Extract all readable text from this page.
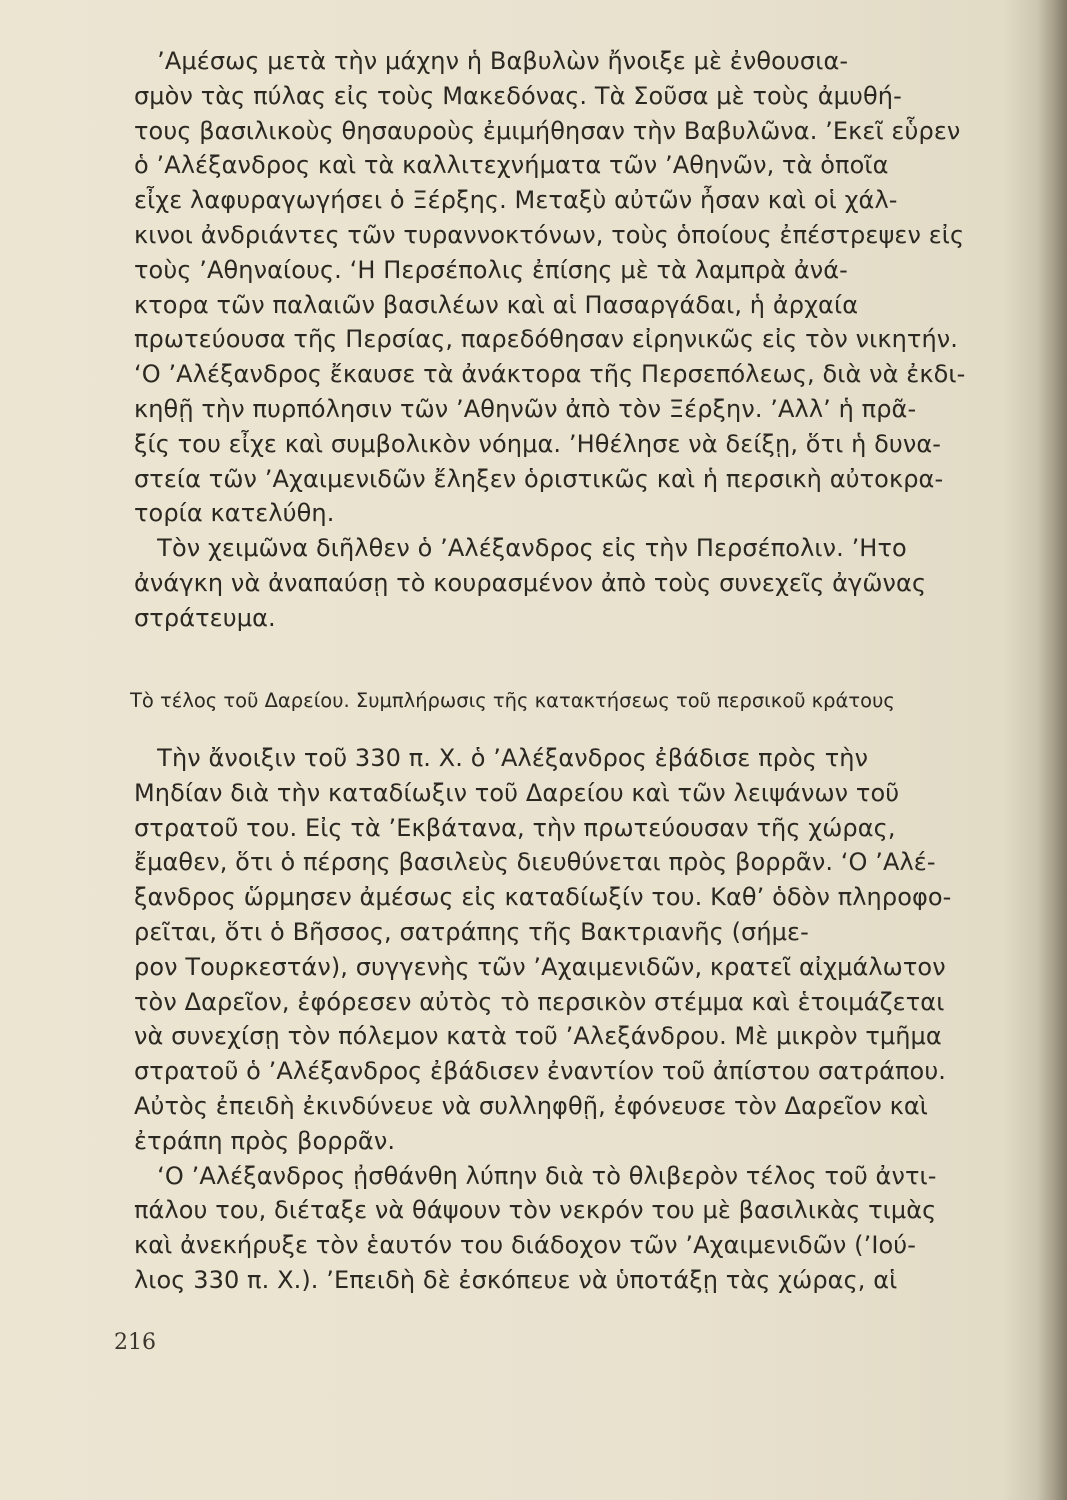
’Αμέσως μετὰ τὴν μάχην ἡ Βαβυλὼν ἤνοιξε μὲ ἐνθουσια-
σμὸν τὰς πύλας εἰς τοὺς Μακεδόνας. Τὰ Σοῦσα μὲ τοὺς ἀμυθή-
τους βασιλικοὺς θησαυροὺς ἐμιμήθησαν τὴν Βαβυλῶνα. ’Εκεῖ εὗρεν
ὁ ’Αλέξανδρος καὶ τὰ καλλιτεχνήματα τῶν ’Αθηνῶν, τὰ ὁποῖα
εἶχε λαφυραγωγήσει ὁ Ξέρξης. Μεταξὺ αὐτῶν ἦσαν καὶ οἱ χάλ-
κινοι ἀνδριάντες τῶν τυραννοκτόνων, τοὺς ὁποίους ἐπέστρεψεν εἰς
τοὺς ’Αθηναίους. ‘Η Περσέπολις ἐπίσης μὲ τὰ λαμπρὰ ἀνά-
κτορα τῶν παλαιῶν βασιλέων καὶ αἱ Πασαργάδαι, ἡ ἀρχαία
πρωτεύουσα τῆς Περσίας, παρεδόθησαν εἰρηνικῶς εἰς τὸν νικητήν.
‘Ο ’Αλέξανδρος ἔκαυσε τὰ ἀνάκτορα τῆς Περσεπόλεως, διὰ νὰ ἐκδι-
κηθῇ τὴν πυρπόλησιν τῶν ’Αθηνῶν ἀπὸ τὸν Ξέρξην. ’Αλλ’ ἡ πρᾶ-
ξίς του εἶχε καὶ συμβολικὸν νόημα. ’Ηθέλησε νὰ δείξῃ, ὅτι ἡ δυνα-
στεία τῶν ’Αχαιμενιδῶν ἔληξεν ὁριστικῶς καὶ ἡ περσικὴ αὐτοκρα-
τορία κατελύθη.
Τὸν χειμῶνα διῆλθεν ὁ ’Αλέξανδρος εἰς τὴν Περσέπολιν. ’Ητο
ἀνάγκη νὰ ἀναπαύσῃ τὸ κουρασμένον ἀπὸ τοὺς συνεχεῖς ἀγῶνας
στράτευμα.
Τὸ τέλος τοῦ Δαρείου. Συμπλήρωσις τῆς κατακτήσεως τοῦ περσικοῦ κράτους
Τὴν ἄνοιξιν τοῦ 330 π. Χ. ὁ ’Αλέξανδρος ἐβάδισε πρὸς τὴν
Μηδίαν διὰ τὴν καταδίωξιν τοῦ Δαρείου καὶ τῶν λειψάνων τοῦ
στρατοῦ του. Εἰς τὰ ’Εκβάτανα, τὴν πρωτεύουσαν τῆς χώρας,
ἔμαθεν, ὅτι ὁ πέρσης βασιλεὺς διευθύνεται πρὸς βορρᾶν. ‘Ο ’Αλέ-
ξανδρος ὥρμησεν ἀμέσως εἰς καταδίωξίν του. Καθ’ ὁδὸν πληροφο-
ρεῖται, ὅτι ὁ Βῆσσος, σατράπης τῆς Βακτριανῆς (σήμε-
ρον Τουρκεστάν), συγγενὴς τῶν ’Αχαιμενιδῶν, κρατεῖ αἰχμάλωτον
τὸν Δαρεῖον, ἐφόρεσεν αὐτὸς τὸ περσικὸν στέμμα καὶ ἑτοιμάζεται
νὰ συνεχίσῃ τὸν πόλεμον κατὰ τοῦ ’Αλεξάνδρου. Μὲ μικρὸν τμῆμα
στρατοῦ ὁ ’Αλέξανδρος ἐβάδισεν ἐναντίον τοῦ ἀπίστου σατράπου.
Αὐτὸς ἐπειδὴ ἐκινδύνευε νὰ συλληφθῇ, ἐφόνευσε τὸν Δαρεῖον καὶ
ἐτράπη πρὸς βορρᾶν.
‘Ο ’Αλέξανδρος ᾐσθάνθη λύπην διὰ τὸ θλιβερὸν τέλος τοῦ ἀντι-
πάλου του, διέταξε νὰ θάψουν τὸν νεκρόν του μὲ βασιλικὰς τιμὰς
καὶ ἀνεκήρυξε τὸν ἑαυτόν του διάδοχον τῶν ’Αχαιμενιδῶν (’Ιού-
λιος 330 π. Χ.). ’Επειδὴ δὲ ἐσκόπευε νὰ ὑποτάξῃ τὰς χώρας, αἱ
216
